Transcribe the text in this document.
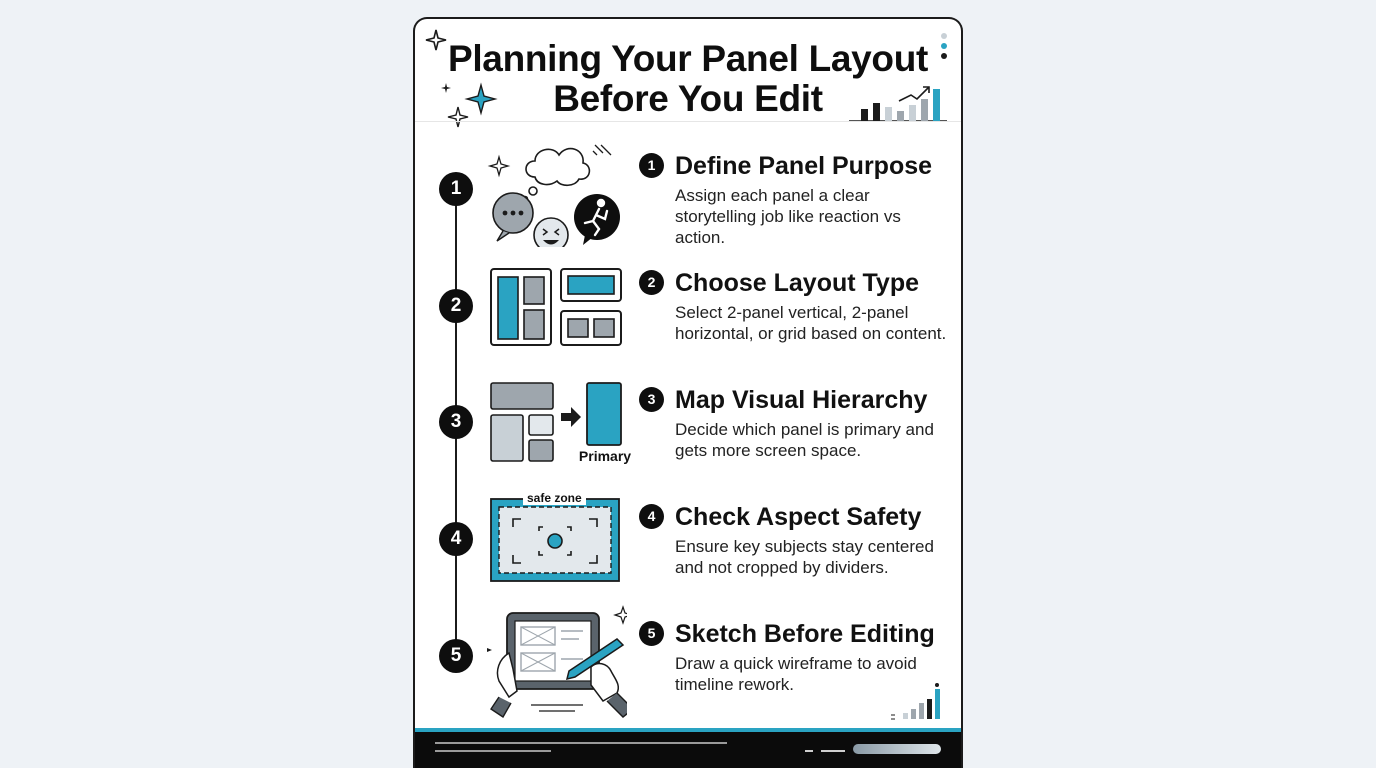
Planning Your Panel Layout
Before You Edit
1
1 Define Panel Purpose
Assign each panel a clear storytelling job like reaction vs action.
2
2 Choose Layout Type
Select 2-panel vertical, 2-panel horizontal, or grid based on content.
3
Primary
3 Map Visual Hierarchy
Decide which panel is primary and gets more screen space.
4
safe zone
4 Check Aspect Safety
Ensure key subjects stay centered and not cropped by dividers.
5
5 Sketch Before Editing
Draw a quick wireframe to avoid timeline rework.
